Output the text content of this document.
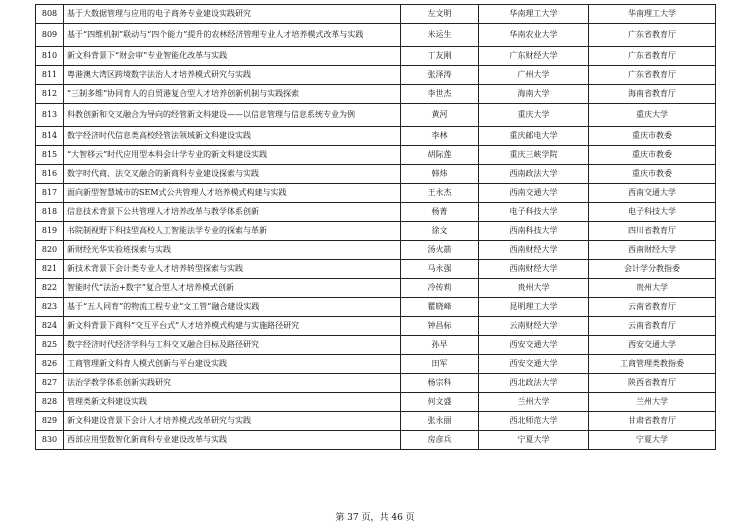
808	基于大数据管理与应用的电子商务专业建设实践研究	左文明	华南理工大学	华南理工大学
809	基于“四维机制”联动与“四个能力”提升的农林经济管理专业人才培养模式改革与实践	米运生	华南农业大学	广东省教育厅
810	新文科背景下“财会审”专业智能化改革与实践	丁友刚	广东财经大学	广东省教育厅
811	粤港澳大湾区跨境数字法治人才培养模式研究与实践	张泽涛	广州大学	广东省教育厅
812	“三制多维”协同育人的自贸港复合型人才培养创新机制与实践探索	李世杰	海南大学	海南省教育厅
813	科教创新和交叉融合为导向的经管新文科建设——以信息管理与信息系统专业为例	黄河	重庆大学	重庆大学
814	数字经济时代信息类高校经管法领域新文科建设实践	李林	重庆邮电大学	重庆市教委
815	“大智移云”时代应用型本科会计学专业的新文科建设实践	胡际莲	重庆三峡学院	重庆市教委
816	数字时代商、法交叉融合的新商科专业建设探索与实践	韩炜	西南政法大学	重庆市教委
817	面向新型智慧城市的SEM式公共管理人才培养模式构建与实践	王永杰	西南交通大学	西南交通大学
818	信息技术背景下公共管理人才培养改革与教学体系创新	杨菁	电子科技大学	电子科技大学
819	书院制视野下科技型高校人工智能法学专业的探索与革新	徐文	西南科技大学	四川省教育厅
820	新财经光华实验班探索与实践	汤火箭	西南财经大学	西南财经大学
821	新技术背景下会计类专业人才培养转型探索与实践	马永强	西南财经大学	会计学分教指委
822	智能时代“法治+数字”复合型人才培养模式创新	冷传莉	贵州大学	贵州大学
823	基于“五人同育”的物流工程专业“文工管”融合建设实践	瞿晓峰	昆明理工大学	云南省教育厅
824	新文科背景下商科“交互平台式”人才培养模式构建与实施路径研究	钟昌标	云南财经大学	云南省教育厅
825	数字经济时代经济学科与工科交叉融合目标及路径研究	孙早	西安交通大学	西安交通大学
826	工商管理新文科育人模式创新与平台建设实践	田军	西安交通大学	工商管理类教指委
827	法治学教学体系创新实践研究	杨宗科	西北政法大学	陕西省教育厅
828	管理类新文科建设实践	何文盛	兰州大学	兰州大学
829	新文科建设背景下会计人才培养模式改革研究与实践	张永丽	西北师范大学	甘肃省教育厅
830	西部应用型数智化新商科专业建设改革与实践	房彦兵	宁夏大学	宁夏大学
第 37 页，共 46 页
